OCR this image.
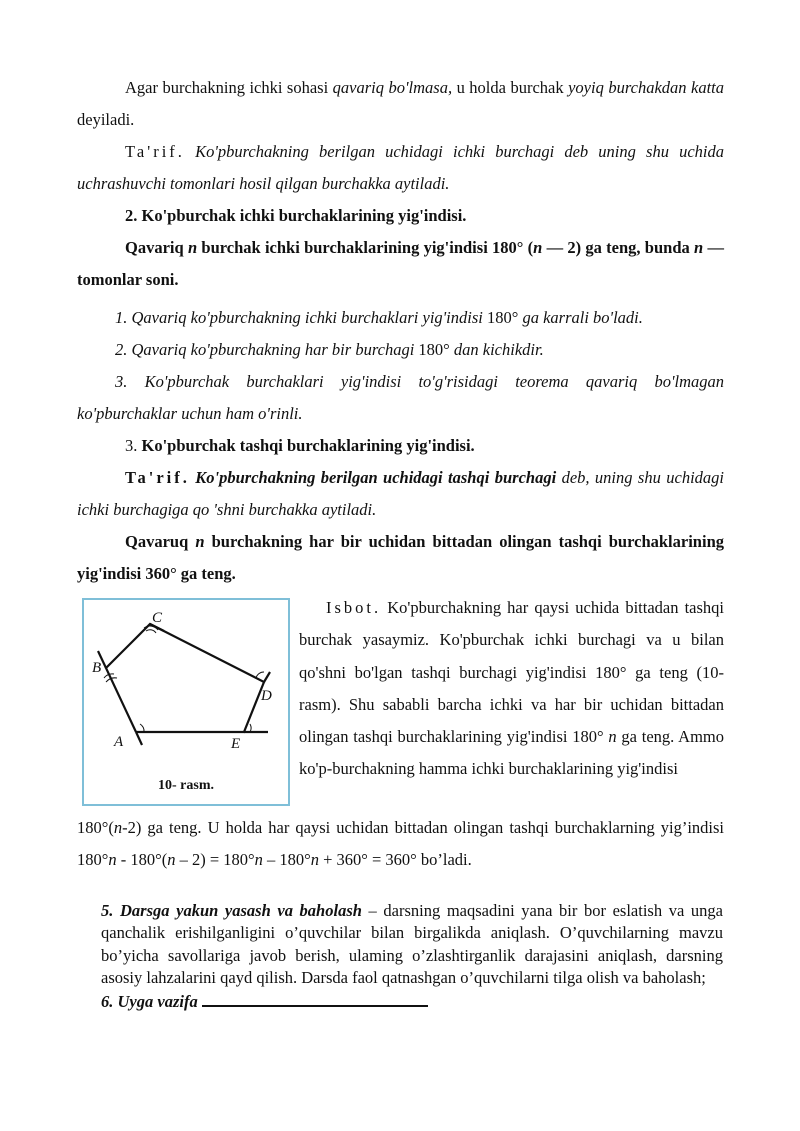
Agar burchakning ichki sohasi qavariq bo'lmasa, u holda burchak yoyiq burchakdan katta deyiladi.

Ta'rif. Ko'pburchakning berilgan uchidagi ichki burchagi deb uning shu uchida uchrashuvchi tomonlari hosil qilgan burchakka aytiladi.

2. Ko'pburchak ichki burchaklarining yig'indisi.

Qavariq n burchak ichki burchaklarining yig'indisi 180° (n — 2) ga teng, bunda n — tomonlar soni.

1. Qavariq ko'pburchakning ichki burchaklari yig'indisi 180° ga karrali bo'ladi.

2. Qavariq ko'pburchakning har bir burchagi 180° dan kichikdir.

3. Ko'pburchak burchaklari yig'indisi to'g'risidagi teorema qavariq bo'lmagan ko'pburchaklar uchun ham o'rinli.

3. Ko'pburchak tashqi burchaklarining yig'indisi.

Ta'rif. Ko'pburchakning berilgan uchidagi tashqi burchagi deb, uning shu uchidagi ichki burchagiga qo 'shni burchakka aytiladi.

Qavaruq n burchakning har bir uchidan bittadan olingan tashqi burchaklarining yig'indisi 360° ga teng.

C
B
D
A	E
10- rasm.

Isbot. Ko'pburchakning har qaysi uchida bittadan tashqi burchak yasaymiz. Ko'pburchak ichki burchagi va u bilan qo'shni bo'lgan tashqi burchagi yig'indisi 180° ga teng (10-rasm). Shu sababli barcha ichki va har bir uchidan bittadan olingan tashqi burchaklarining yig'indisi 180° n ga teng. Ammo ko'p-burchakning hamma ichki burchaklarining yig'indisi

180°(n-2) ga teng. U holda har qaysi uchidan bittadan olingan tashqi burchaklarning yig’indisi 180°n - 180°(n – 2) = 180°n – 180°n + 360° = 360° bo’ladi.

5. Darsga yakun yasash va baholash – darsning maqsadini yana bir bor eslatish va unga qanchalik erishilganligini o’quvchilar bilan birgalikda aniqlash. O’quvchilarning mavzu bo’yicha savollariga javob berish, ulaming o’zlashtirganlik darajasini aniqlash, darsning asosiy lahzalarini qayd qilish. Darsda faol qatnashgan o’quvchilarni tilga olish va baholash;

6. Uyga vazifa
